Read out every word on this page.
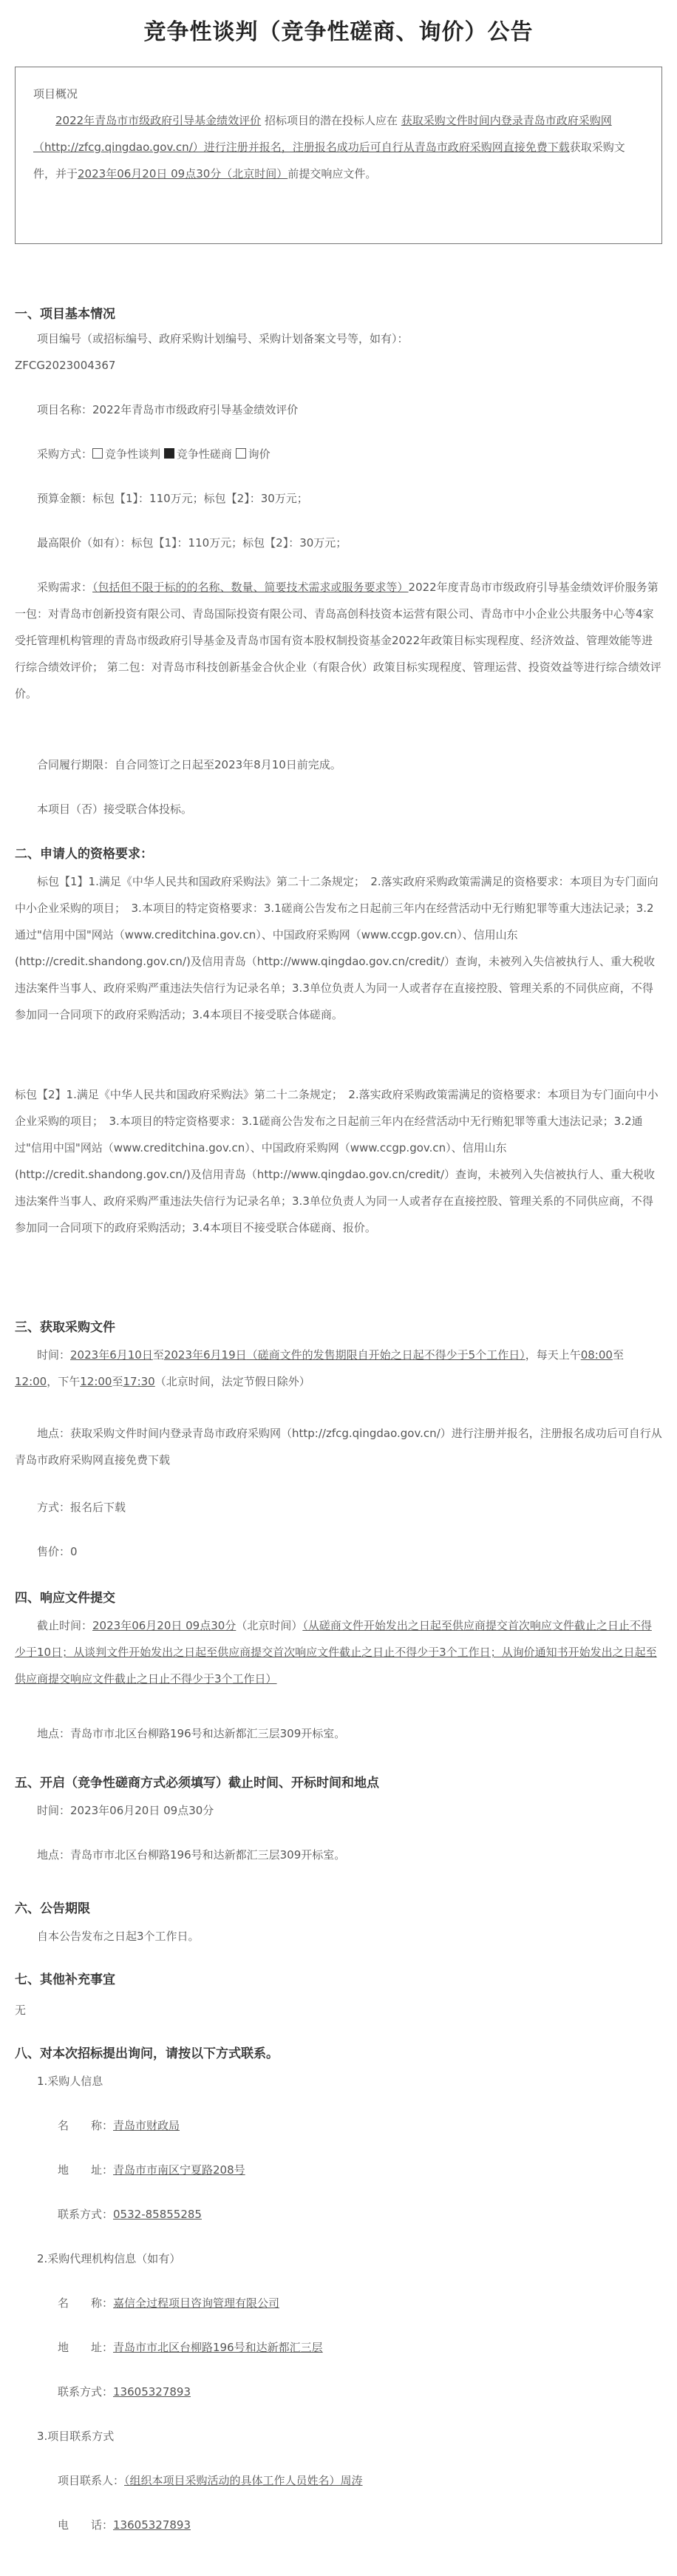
竞争性谈判（竞争性磋商、询价）公告
项目概况
2022年青岛市市级政府引导基金绩效评价 招标项目的潜在投标人应在 获取采购文件时间内登录青岛市政府采购网（http://zfcg.qingdao.gov.cn/）进行注册并报名，注册报名成功后可自行从青岛市政府采购网直接免费下载获取采购文件，并于2023年06月20日 09点30分（北京时间）前提交响应文件。
一、项目基本情况
项目编号（或招标编号、政府采购计划编号、采购计划备案文号等，如有）：
ZFCG2023004367
项目名称：2022年青岛市市级政府引导基金绩效评价
采购方式： 竞争性谈判 竞争性磋商 询价
预算金额：标包【1】：110万元；标包【2】：30万元；
最高限价（如有）：标包【1】：110万元；标包【2】：30万元；
采购需求：（包括但不限于标的的名称、数量、简要技术需求或服务要求等）2022年度青岛市市级政府引导基金绩效评价服务第一包：对青岛市创新投资有限公司、青岛国际投资有限公司、青岛高创科技资本运营有限公司、青岛市中小企业公共服务中心等4家受托管理机构管理的青岛市级政府引导基金及青岛市国有资本股权制投资基金2022年政策目标实现程度、经济效益、管理效能等进行综合绩效评价； 第二包：对青岛市科技创新基金合伙企业（有限合伙）政策目标实现程度、管理运营、投资效益等进行综合绩效评价。
合同履行期限：自合同签订之日起至2023年8月10日前完成。
本项目（否）接受联合体投标。
二、申请人的资格要求：
标包【1】1.满足《中华人民共和国政府采购法》第二十二条规定；　2.落实政府采购政策需满足的资格要求：本项目为专门面向中小企业采购的项目；　3.本项目的特定资格要求：3.1磋商公告发布之日起前三年内在经营活动中无行贿犯罪等重大违法记录；3.2通过"信用中国"网站（www.creditchina.gov.cn）、中国政府采购网（www.ccgp.gov.cn）、信用山东(http://credit.shandong.gov.cn/)及信用青岛（http://www.qingdao.gov.cn/credit/）查询，未被列入失信被执行人、重大税收违法案件当事人、政府采购严重违法失信行为记录名单；3.3单位负责人为同一人或者存在直接控股、管理关系的不同供应商，不得参加同一合同项下的政府采购活动；3.4本项目不接受联合体磋商。
标包【2】1.满足《中华人民共和国政府采购法》第二十二条规定；　2.落实政府采购政策需满足的资格要求：本项目为专门面向中小企业采购的项目；　3.本项目的特定资格要求：3.1磋商公告发布之日起前三年内在经营活动中无行贿犯罪等重大违法记录；3.2通过"信用中国"网站（www.creditchina.gov.cn）、中国政府采购网（www.ccgp.gov.cn）、信用山东(http://credit.shandong.gov.cn/)及信用青岛（http://www.qingdao.gov.cn/credit/）查询，未被列入失信被执行人、重大税收违法案件当事人、政府采购严重违法失信行为记录名单；3.3单位负责人为同一人或者存在直接控股、管理关系的不同供应商，不得参加同一合同项下的政府采购活动；3.4本项目不接受联合体磋商、报价。
三、获取采购文件
时间：2023年6月10日至2023年6月19日（磋商文件的发售期限自开始之日起不得少于5个工作日），每天上午08:00至12:00，下午12:00至17:30（北京时间，法定节假日除外）
地点：获取采购文件时间内登录青岛市政府采购网（http://zfcg.qingdao.gov.cn/）进行注册并报名，注册报名成功后可自行从青岛市政府采购网直接免费下载
方式：报名后下载
售价：0
四、响应文件提交
截止时间：2023年06月20日 09点30分（北京时间）（从磋商文件开始发出之日起至供应商提交首次响应文件截止之日止不得少于10日；从谈判文件开始发出之日起至供应商提交首次响应文件截止之日止不得少于3个工作日；从询价通知书开始发出之日起至供应商提交响应文件截止之日止不得少于3个工作日）
地点：青岛市市北区台柳路196号和达新都汇三层309开标室。
五、开启（竞争性磋商方式必须填写）截止时间、开标时间和地点
时间：2023年06月20日 09点30分
地点：青岛市市北区台柳路196号和达新都汇三层309开标室。
六、公告期限
自本公告发布之日起3个工作日。
七、其他补充事宜
无
八、对本次招标提出询问，请按以下方式联系。
1.采购人信息
名　　称：青岛市财政局
地　　址：青岛市市南区宁夏路208号
联系方式：0532-85855285
2.采购代理机构信息（如有）
名　　称：嘉信全过程项目咨询管理有限公司
地　　址：青岛市市北区台柳路196号和达新都汇三层
联系方式：13605327893
3.项目联系方式
项目联系人：（组织本项目采购活动的具体工作人员姓名）周涛
电　　话：13605327893
